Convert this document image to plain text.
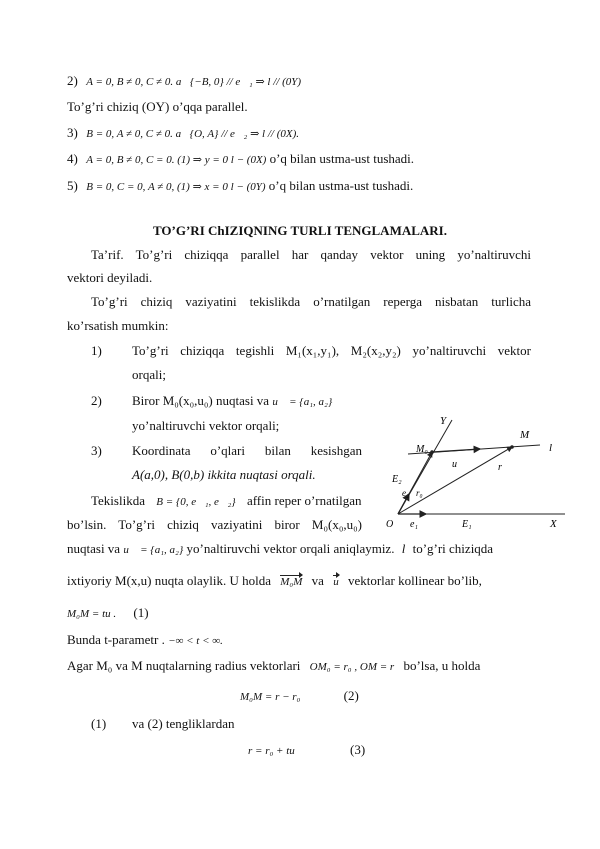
2) A = 0, B ≠ 0, C ≠ 0. a⃗{−B, 0} // e⃗₁ ⇒ l // (0Y)
To’g’ri chiziq (OY) o’qqa parallel.
3) B = 0, A ≠ 0, C ≠ 0. a⃗{O, A} // e⃗₂ ⇒ l // (0X).
4) A = 0, B ≠ 0, C = 0. (1) ⇒ y = 0 l − (0X) o’q bilan ustma-ust tushadi.
5) B = 0, C = 0, A ≠ 0, (1) ⇒ x = 0 l − (0Y) o’q bilan ustma-ust tushadi.
TO’G’RI ChIZIQNING TURLI TENGLAMALARI.
Ta’rif. To’g’ri chiziqqa parallel har qanday vektor uning yo’naltiruvchi
vektori deyiladi.
To’g’ri chiziq vaziyatini tekislikda o’rnatilgan reperga nisbatan turlicha
ko’rsatish mumkin:
1) To’g’ri chiziqqa tegishli M₁(x₁,y₁), M₂(x₂,y₂) yo’naltiruvchi vektor
orqali;
2) Biror M₀(x₀,u₀) nuqtasi va u⃗ = {a₁, a₂}
yo’naltiruvchi vektor orqali;
3) Koordinata o’qlari bilan kesishgan
A(a,0), B(0,b) ikkita nuqtasi orqali.
Tekislikda B = {0, e⃗₁, e⃗₂} affin reper o’rnatilgan
bo’lsin. To’g’ri chiziq vaziyatini biror M₀(x₀,u₀)
nuqtasi va u⃗ = {a₁, a₂} yo’naltiruvchi vektor orqali aniqlaymiz. l to’g’ri chiziqda
ixtiyoriy M(x,u) nuqta olaylik. U holda M₀M va u vektorlar kollinear bo’lib,
M₀M = tu . (1)
Bunda t-parametr . −∞ < t < ∞.
Agar M₀ va M nuqtalarning radius vektorlari OM₀ = r₀ , OM = r bo’lsa, u holda
M₀M = r − r₀	(2)
(1) va (2) tengliklardan
r = r₀ + tu	(3)
Y
M
M₀	l
u	r
E₂
e₂ r₀
O e₁	E₁	X
